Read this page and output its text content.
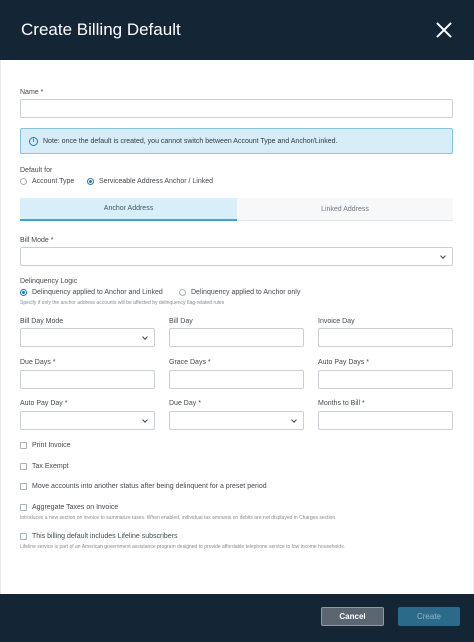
Create Billing Default
Name *
i	Note: once the default is created, you cannot switch between Account Type and Anchor/Linked.
Default for
Account Type	Serviceable Address Anchor / Linked
Anchor Address	Linked Address
Bill Mode *
Delinquency Logic
Delinquency applied to Anchor and Linked	Delinquency applied to Anchor only
Specify if only the anchor address accounts will be affected by delinquency flag-related rules
Bill Day Mode	Bill Day	Invoice Day
Due Days *	Grace Days *	Auto Pay Days *
Auto Pay Day *	Due Day *	Months to Bill *
Print Invoice
Tax Exempt
Move accounts into another status after being delinquent for a preset period
Aggregate Taxes on Invoice
Introduces a new section on invoice to summarize taxes. When enabled, individual tax amounts on debits are not displayed in Charges section.
This billing default includes Lifeline subscribers
Lifeline service is part of an American government assistance program designed to provide affordable telephone service to low income households.
Cancel	Create
